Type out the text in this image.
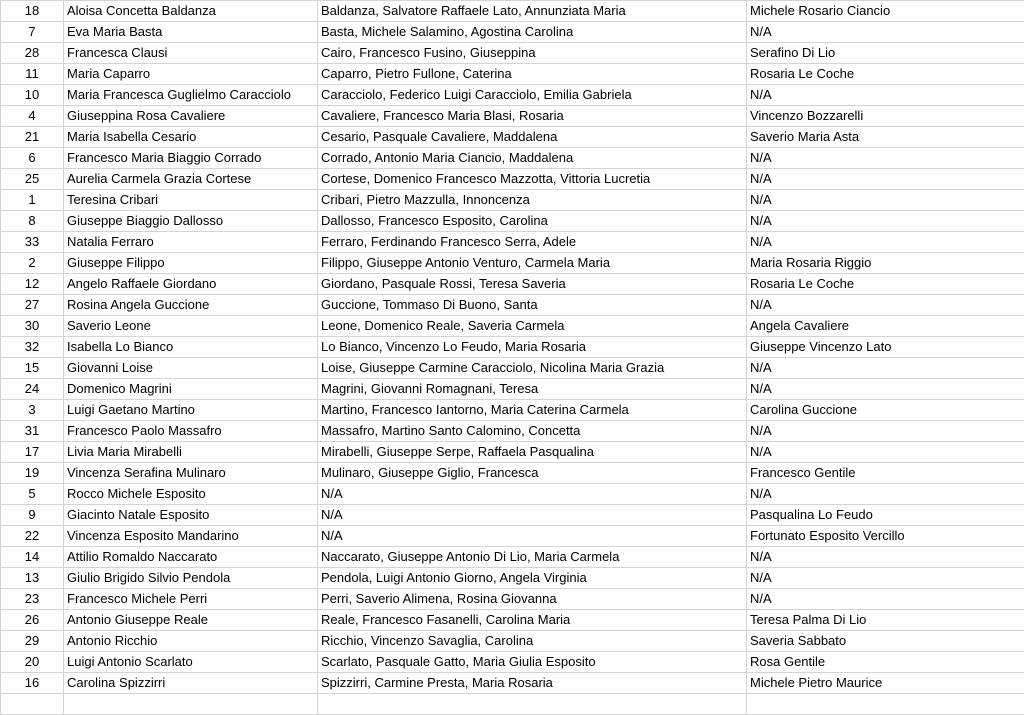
18	Aloisa Concetta Baldanza	Baldanza, Salvatore Raffaele Lato, Annunziata Maria	Michele Rosario Ciancio
7	Eva Maria Basta	Basta, Michele Salamino, Agostina Carolina	N/A
28	Francesca Clausi	Cairo, Francesco Fusino, Giuseppina	Serafino Di Lio
11	Maria Caparro	Caparro, Pietro Fullone, Caterina	Rosaria Le Coche
10	Maria Francesca Guglielmo Caracciolo	Caracciolo, Federico Luigi Caracciolo, Emilia Gabriela	N/A
4	Giuseppina Rosa Cavaliere	Cavaliere, Francesco Maria Blasi, Rosaria	Vincenzo Bozzarelli
21	Maria Isabella Cesario	Cesario, Pasquale Cavaliere, Maddalena	Saverio Maria Asta
6	Francesco Maria Biaggio Corrado	Corrado, Antonio Maria Ciancio, Maddalena	N/A
25	Aurelia Carmela Grazia Cortese	Cortese, Domenico Francesco Mazzotta, Vittoria Lucretia	N/A
1	Teresina Cribari	Cribari, Pietro Mazzulla, Innoncenza	N/A
8	Giuseppe Biaggio Dallosso	Dallosso, Francesco Esposito, Carolina	N/A
33	Natalia Ferraro	Ferraro, Ferdinando Francesco Serra, Adele	N/A
2	Giuseppe Filippo	Filippo, Giuseppe Antonio Venturo, Carmela Maria	Maria Rosaria Riggio
12	Angelo Raffaele Giordano	Giordano, Pasquale Rossi, Teresa Saveria	Rosaria Le Coche
27	Rosina Angela Guccione	Guccione, Tommaso Di Buono, Santa	N/A
30	Saverio Leone	Leone, Domenico Reale, Saveria Carmela	Angela Cavaliere
32	Isabella Lo Bianco	Lo Bianco, Vincenzo Lo Feudo, Maria Rosaria	Giuseppe Vincenzo Lato
15	Giovanni Loise	Loise, Giuseppe Carmine Caracciolo, Nicolina Maria Grazia	N/A
24	Domenico Magrini	Magrini, Giovanni Romagnani, Teresa	N/A
3	Luigi Gaetano Martino	Martino, Francesco Iantorno, Maria Caterina Carmela	Carolina Guccione
31	Francesco Paolo Massafro	Massafro, Martino Santo Calomino, Concetta	N/A
17	Livia Maria Mirabelli	Mirabelli, Giuseppe Serpe, Raffaela Pasqualina	N/A
19	Vincenza Serafina Mulinaro	Mulinaro, Giuseppe Giglio, Francesca	Francesco Gentile
5	Rocco Michele Esposito	N/A	N/A
9	Giacinto Natale Esposito	N/A	Pasqualina Lo Feudo
22	Vincenza Esposito Mandarino	N/A	Fortunato Esposito Vercillo
14	Attilio Romaldo Naccarato	Naccarato, Giuseppe Antonio Di Lio, Maria Carmela	N/A
13	Giulio Brigido Silvio Pendola	Pendola, Luigi Antonio Giorno, Angela Virginia	N/A
23	Francesco Michele Perri	Perri, Saverio Alimena, Rosina Giovanna	N/A
26	Antonio Giuseppe Reale	Reale, Francesco Fasanelli, Carolina Maria	Teresa Palma Di Lio
29	Antonio Ricchio	Ricchio, Vincenzo Savaglia, Carolina	Saveria Sabbato
20	Luigi Antonio Scarlato	Scarlato, Pasquale Gatto, Maria Giulia Esposito	Rosa Gentile
16	Carolina Spizzirri	Spizzirri, Carmine Presta, Maria Rosaria	Michele Pietro Maurice
